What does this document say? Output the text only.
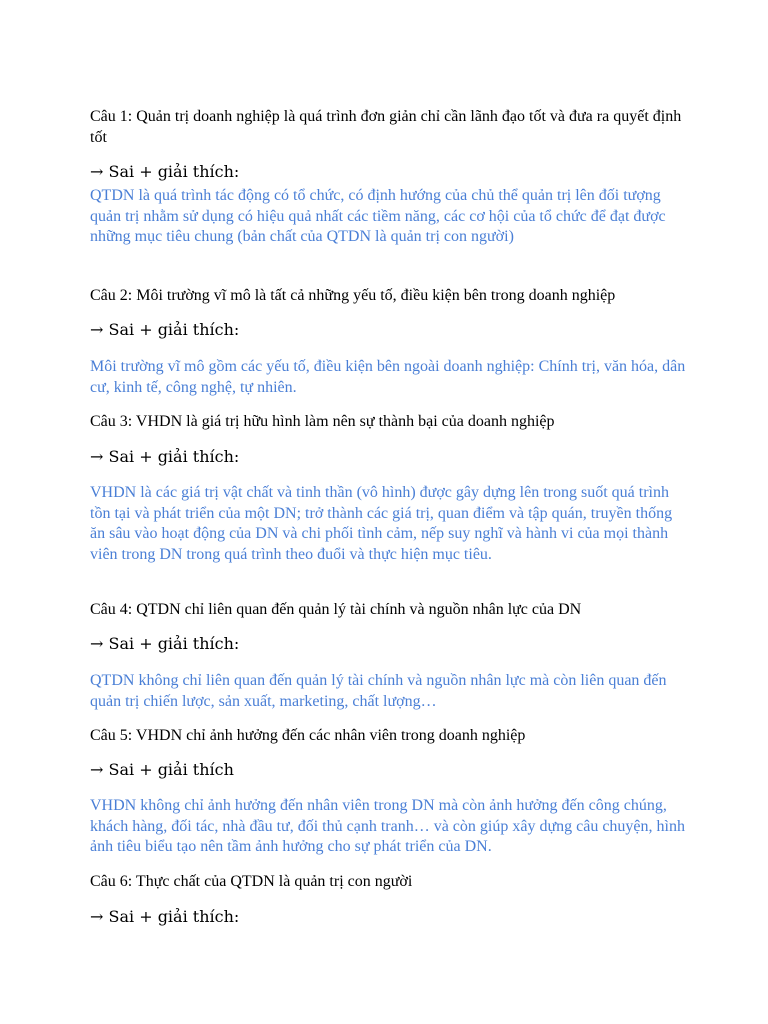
Câu 1: Quản trị doanh nghiệp là quá trình đơn giản chỉ cần lãnh đạo tốt và đưa ra quyết định tốt

→ Sai + giải thích:

QTDN là quá trình tác động có tổ chức, có định hướng của chủ thể quản trị lên đối tượng quản trị nhằm sử dụng có hiệu quả nhất các tiềm năng, các cơ hội của tổ chức để đạt được những mục tiêu chung (bản chất của QTDN là quản trị con người)

Câu 2: Môi trường vĩ mô là tất cả những yếu tố, điều kiện bên trong doanh nghiệp

→ Sai + giải thích:

Môi trường vĩ mô gồm các yếu tố, điều kiện bên ngoài doanh nghiệp: Chính trị, văn hóa, dân cư, kinh tế, công nghệ, tự nhiên.

Câu 3: VHDN là giá trị hữu hình làm nên sự thành bại của doanh nghiệp

→ Sai + giải thích:

VHDN là các giá trị vật chất và tinh thần (vô hình) được gây dựng lên trong suốt quá trình tồn tại và phát triển của một DN; trở thành các giá trị, quan điểm và tập quán, truyền thống ăn sâu vào hoạt động của DN và chi phối tình cảm, nếp suy nghĩ và hành vi của mọi thành viên trong DN trong quá trình theo đuổi và thực hiện mục tiêu.

Câu 4: QTDN chỉ liên quan đến quản lý tài chính và nguồn nhân lực của DN

→ Sai + giải thích:

QTDN không chỉ liên quan đến quản lý tài chính và nguồn nhân lực mà còn liên quan đến quản trị chiến lược, sản xuất, marketing, chất lượng…

Câu 5: VHDN chỉ ảnh hưởng đến các nhân viên trong doanh nghiệp

→ Sai + giải thích

VHDN không chỉ ảnh hưởng đến nhân viên trong DN mà còn ảnh hưởng đến công chúng, khách hàng, đối tác, nhà đầu tư, đối thủ cạnh tranh… và còn giúp xây dựng câu chuyện, hình ảnh tiêu biểu tạo nên tầm ảnh hưởng cho sự phát triển của DN.

Câu 6: Thực chất của QTDN là quản trị con người

→ Sai + giải thích:
